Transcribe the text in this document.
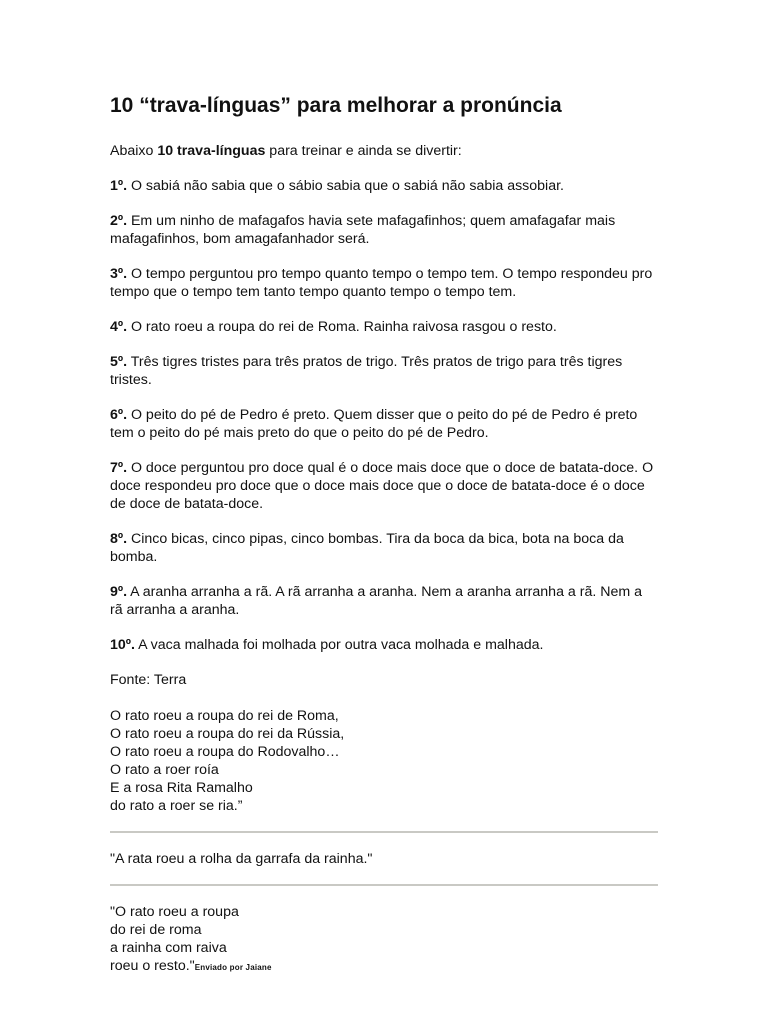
10 “trava-línguas” para melhorar a pronúncia

Abaixo 10 trava-línguas para treinar e ainda se divertir:

1º. O sabiá não sabia que o sábio sabia que o sabiá não sabia assobiar.

2º. Em um ninho de mafagafos havia sete mafagafinhos; quem amafagafar mais mafagafinhos, bom amagafanhador será.

3º. O tempo perguntou pro tempo quanto tempo o tempo tem. O tempo respondeu pro tempo que o tempo tem tanto tempo quanto tempo o tempo tem.

4º. O rato roeu a roupa do rei de Roma. Rainha raivosa rasgou o resto.

5º. Três tigres tristes para três pratos de trigo. Três pratos de trigo para três tigres tristes.

6º. O peito do pé de Pedro é preto. Quem disser que o peito do pé de Pedro é preto tem o peito do pé mais preto do que o peito do pé de Pedro.

7º. O doce perguntou pro doce qual é o doce mais doce que o doce de batata-doce. O doce respondeu pro doce que o doce mais doce que o doce de batata-doce é o doce de doce de batata-doce.

8º. Cinco bicas, cinco pipas, cinco bombas. Tira da boca da bica, bota na boca da bomba.

9º. A aranha arranha a rã. A rã arranha a aranha. Nem a aranha arranha a rã. Nem a rã arranha a aranha.

10º. A vaca malhada foi molhada por outra vaca molhada e malhada.

Fonte: Terra

O rato roeu a roupa do rei de Roma,

O rato roeu a roupa do rei da Rússia,

O rato roeu a roupa do Rodovalho…

O rato a roer roía

E a rosa Rita Ramalho

do rato a roer se ria.”

"A rata roeu a rolha da garrafa da rainha."

"O rato roeu a roupa

do rei de roma

a rainha com raiva

roeu o resto."Enviado por Jaiane
